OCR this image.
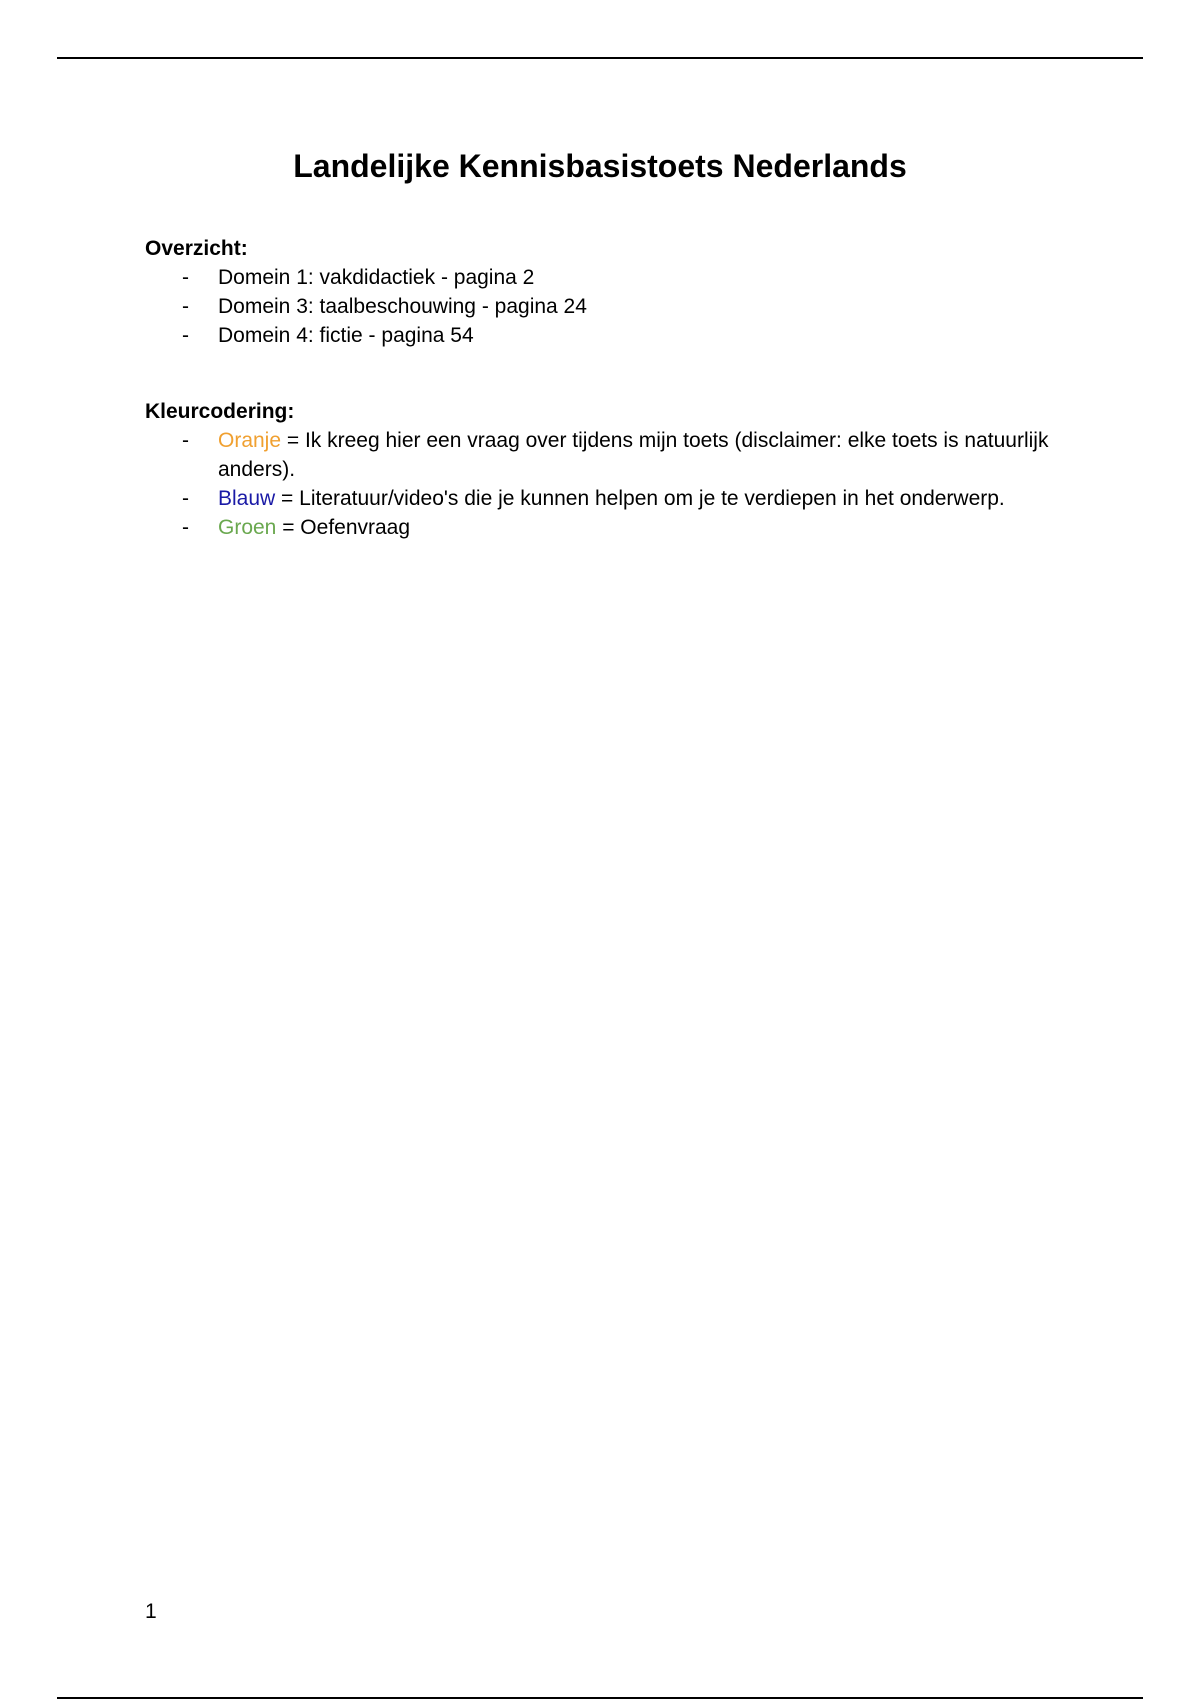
Landelijke Kennisbasistoets Nederlands
Overzicht:
- Domein 1: vakdidactiek - pagina 2
- Domein 3: taalbeschouwing - pagina 24
- Domein 4: fictie - pagina 54
Kleurcodering:
- Oranje = Ik kreeg hier een vraag over tijdens mijn toets (disclaimer: elke toets is natuurlijk anders).
- Blauw = Literatuur/video's die je kunnen helpen om je te verdiepen in het onderwerp.
- Groen = Oefenvraag
1
